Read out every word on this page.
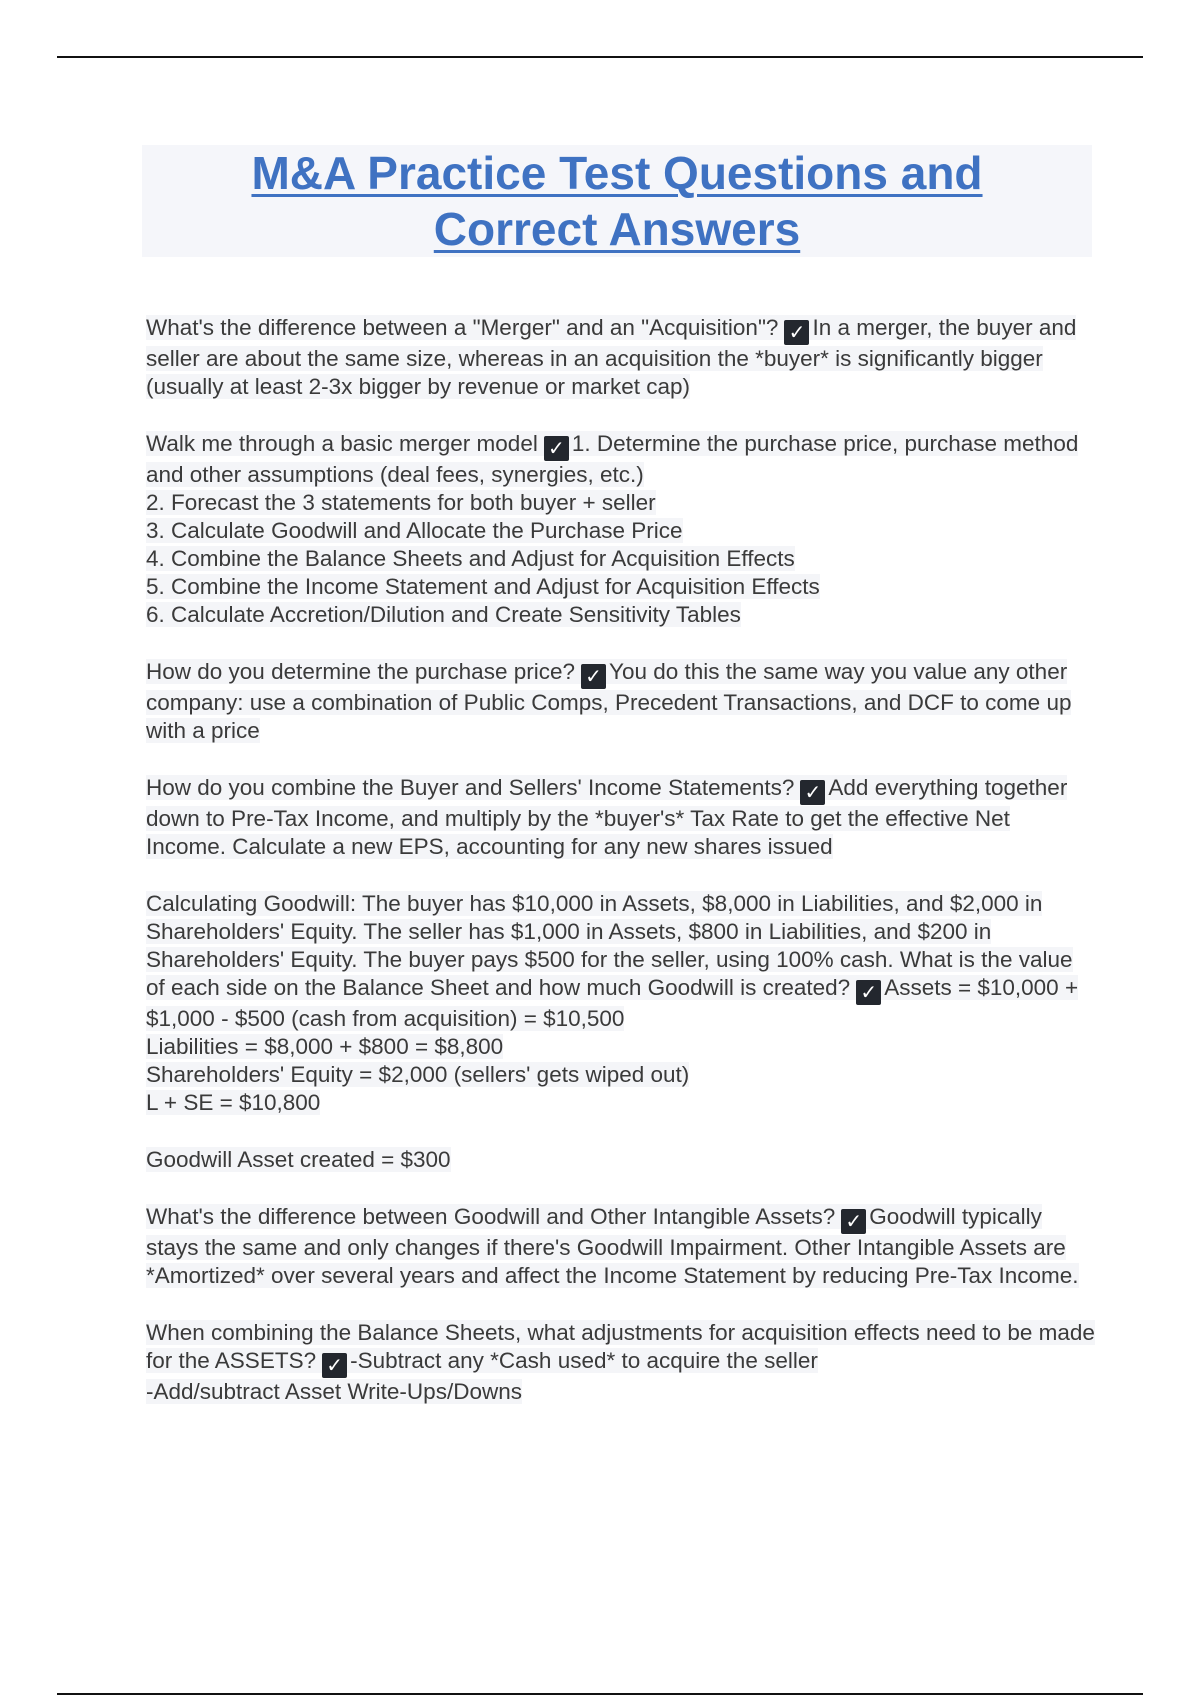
M&A Practice Test Questions and
Correct Answers

What's the difference between a "Merger" and an "Acquisition"? ✓ In a merger, the buyer and seller are about the same size, whereas in an acquisition the *buyer* is significantly bigger (usually at least 2-3x bigger by revenue or market cap)

Walk me through a basic merger model ✓ 1. Determine the purchase price, purchase method and other assumptions (deal fees, synergies, etc.)
2. Forecast the 3 statements for both buyer + seller
3. Calculate Goodwill and Allocate the Purchase Price
4. Combine the Balance Sheets and Adjust for Acquisition Effects
5. Combine the Income Statement and Adjust for Acquisition Effects
6. Calculate Accretion/Dilution and Create Sensitivity Tables

How do you determine the purchase price? ✓ You do this the same way you value any other company: use a combination of Public Comps, Precedent Transactions, and DCF to come up with a price

How do you combine the Buyer and Sellers' Income Statements? ✓ Add everything together down to Pre-Tax Income, and multiply by the *buyer's* Tax Rate to get the effective Net Income. Calculate a new EPS, accounting for any new shares issued

Calculating Goodwill: The buyer has $10,000 in Assets, $8,000 in Liabilities, and $2,000 in Shareholders' Equity. The seller has $1,000 in Assets, $800 in Liabilities, and $200 in Shareholders' Equity. The buyer pays $500 for the seller, using 100% cash. What is the value of each side on the Balance Sheet and how much Goodwill is created? ✓ Assets = $10,000 + $1,000 - $500 (cash from acquisition) = $10,500
Liabilities = $8,000 + $800 = $8,800
Shareholders' Equity = $2,000 (sellers' gets wiped out)
L + SE = $10,800

Goodwill Asset created = $300

What's the difference between Goodwill and Other Intangible Assets? ✓ Goodwill typically stays the same and only changes if there's Goodwill Impairment. Other Intangible Assets are *Amortized* over several years and affect the Income Statement by reducing Pre-Tax Income.

When combining the Balance Sheets, what adjustments for acquisition effects need to be made for the ASSETS? ✓ -Subtract any *Cash used* to acquire the seller
-Add/subtract Asset Write-Ups/Downs
